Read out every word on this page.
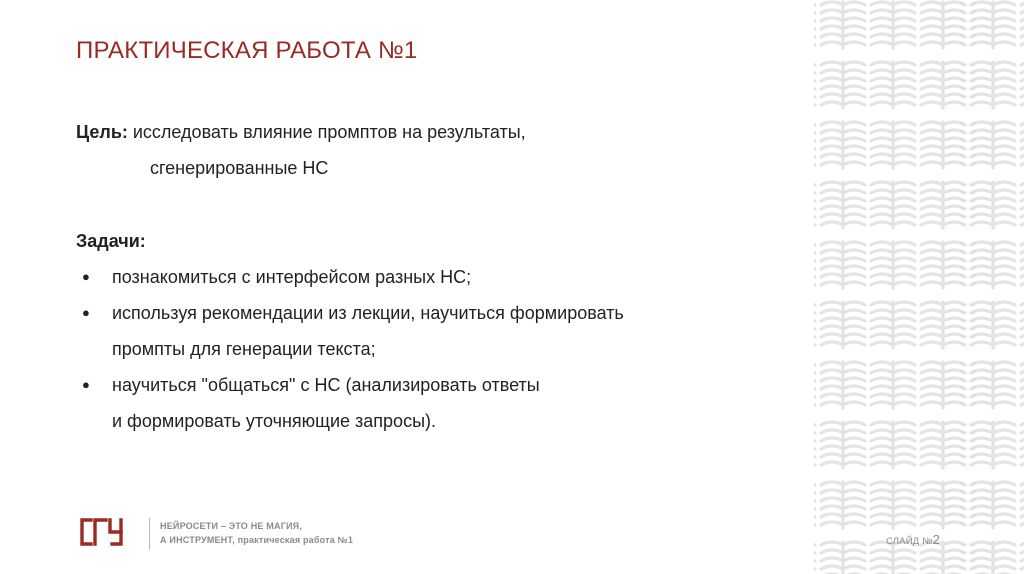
ПРАКТИЧЕСКАЯ РАБОТА №1
Цель: исследовать влияние промптов на результаты,
сгенерированные НС
Задачи:
●	познакомиться с интерфейсом разных НС;
●	используя рекомендации из лекции, научиться формировать
промпты для генерации текста;
●	научиться "общаться" с НС (анализировать ответы
и формировать уточняющие запросы).
НЕЙРОСЕТИ – ЭТО НЕ МАГИЯ,
А ИНСТРУМЕНТ, практическая работа №1	СЛАЙД №2
